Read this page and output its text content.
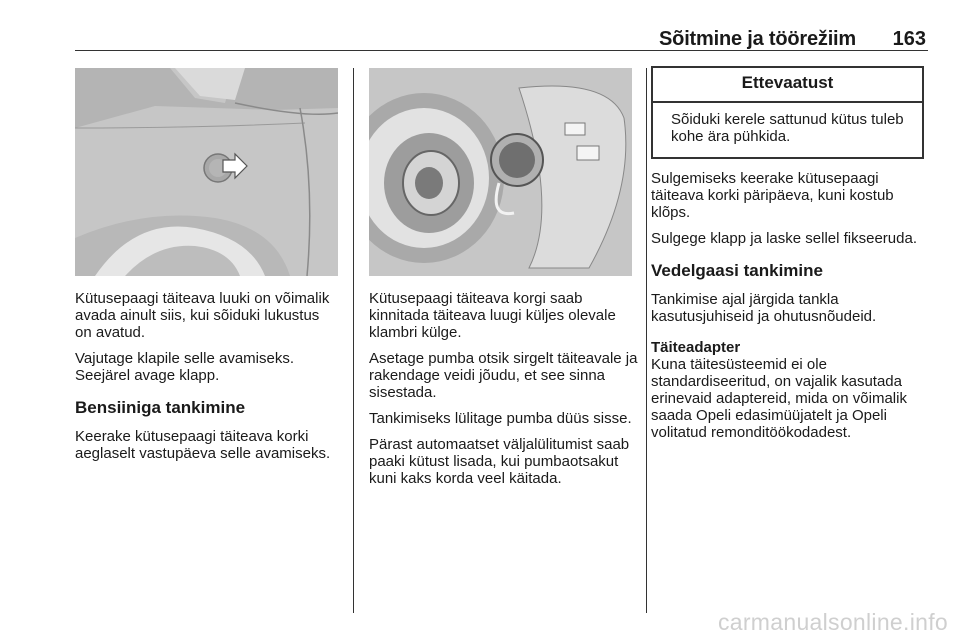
Sõitmine ja töörežiim 163

Kütusepaagi täiteava luuki on võimalik avada ainult siis, kui sõiduki lukustus on avatud.

Vajutage klapile selle avamiseks. Seejärel avage klapp.

Bensiiniga tankimine

Keerake kütusepaagi täiteava korki aeglaselt vastupäeva selle avamiseks.

Kütusepaagi täiteava korgi saab kinnitada täiteava luugi küljes olevale klambri külge.

Asetage pumba otsik sirgelt täiteavale ja rakendage veidi jõudu, et see sinna sisestada.

Tankimiseks lülitage pumba düüs sisse.

Pärast automaatset väljalülitumist saab paaki kütust lisada, kui pumbaotsakut kuni kaks korda veel käitada.

Ettevaatust
Sõiduki kerele sattunud kütus tuleb kohe ära pühkida.

Sulgemiseks keerake kütusepaagi täiteava korki päripäeva, kuni kostub klõps.

Sulgege klapp ja laske sellel fikseeruda.

Vedelgaasi tankimine

Tankimise ajal järgida tankla kasutusjuhiseid ja ohutusnõudeid.

Täiteadapter

Kuna täitesüsteemid ei ole standardiseeritud, on vajalik kasutada erinevaid adaptereid, mida on võimalik saada Opeli edasimüüjatelt ja Opeli volitatud remonditöökodadest.

carmanualsonline.info
